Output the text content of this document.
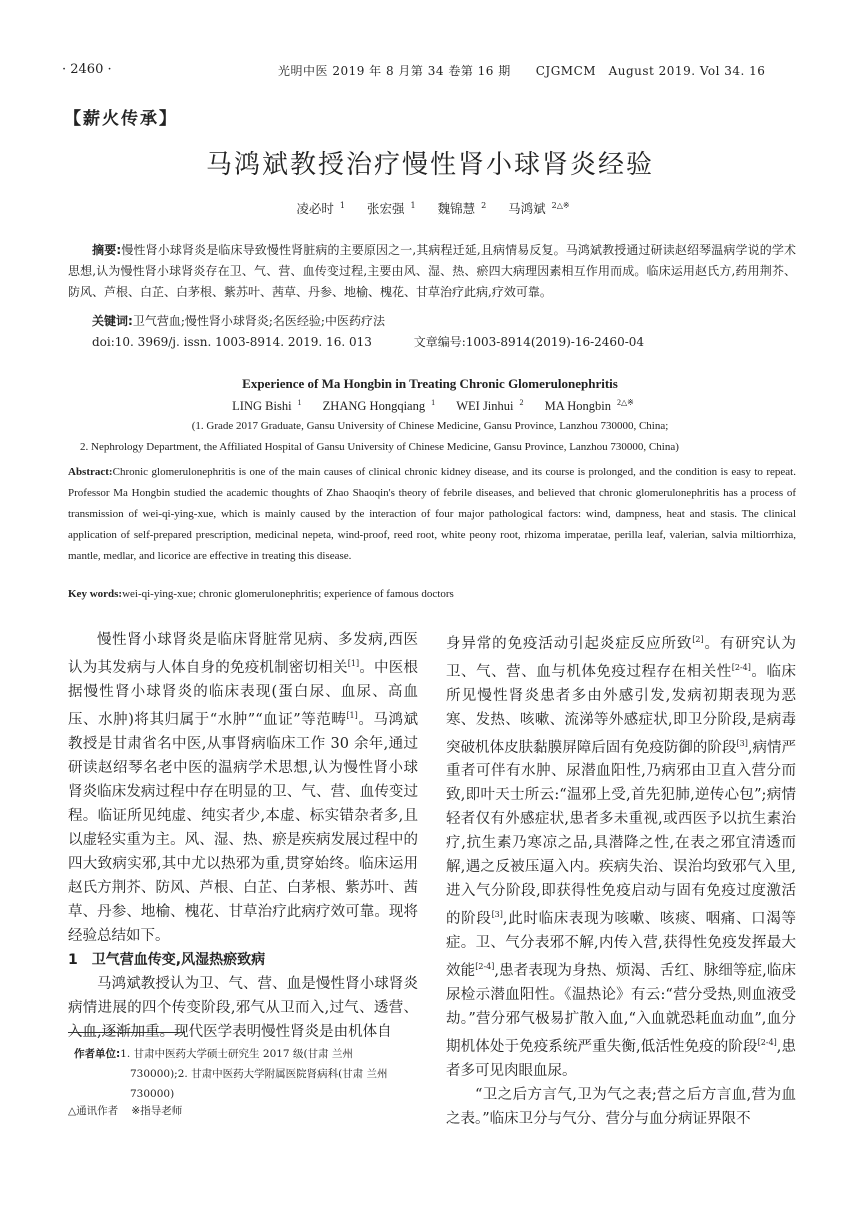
· 2460 ·	光明中医 2019 年 8 月第 34 卷第 16 期　　CJGMCM　August 2019. Vol 34. 16
【薪火传承】
马鸿斌教授治疗慢性肾小球肾炎经验
凌必时 $^1$ 张宏强 $^1$ 魏锦慧 $^2$ 马鸿斌 $^{2\triangle※}$
摘要:慢性肾小球肾炎是临床导致慢性肾脏病的主要原因之一,其病程迁延,且病情易反复。马鸿斌教授通过研读赵绍琴温病学说的学术思想,认为慢性肾小球肾炎存在卫、气、营、血传变过程,主要由风、湿、热、瘀四大病理因素相互作用而成。临床运用赵氏方,药用荆芥、防风、芦根、白芷、白茅根、紫苏叶、茜草、丹参、地榆、槐花、甘草治疗此病,疗效可靠。
关键词:卫气营血;慢性肾小球肾炎;名医经验;中医药疗法
doi:10. 3969/j. issn. 1003-8914. 2019. 16. 013	文章编号:1003-8914(2019)-16-2460-04
Experience of Ma Hongbin in Treating Chronic Glomerulonephritis
LING Bishi $^1$ ZHANG Hongqiang $^1$ WEI Jinhui $^2$ MA Hongbin $^{2\triangle※}$
(1. Grade 2017 Graduate, Gansu University of Chinese Medicine, Gansu Province, Lanzhou 730000, China;
2. Nephrology Department, the Affiliated Hospital of Gansu University of Chinese Medicine, Gansu Province, Lanzhou 730000, China)
Abstract:Chronic glomerulonephritis is one of the main causes of clinical chronic kidney disease, and its course is prolonged, and the condition is easy to repeat. Professor Ma Hongbin studied the academic thoughts of Zhao Shaoqin's theory of febrile diseases, and believed that chronic glomerulonephritis has a process of transmission of wei-qi-ying-xue, which is mainly caused by the interaction of four major pathological factors: wind, dampness, heat and stasis. The clinical application of self-prepared prescription, medicinal nepeta, wind-proof, reed root, white peony root, rhizoma imperatae, perilla leaf, valerian, salvia miltiorrhiza, mantle, medlar, and licorice are effective in treating this disease.
Key words:wei-qi-ying-xue; chronic glomerulonephritis; experience of famous doctors

慢性肾小球肾炎是临床肾脏常见病、多发病,西医认为其发病与人体自身的免疫机制密切相关[1]。中医根据慢性肾小球肾炎的临床表现(蛋白尿、血尿、高血压、水肿)将其归属于“水肿”“血证”等范畴[1]。马鸿斌教授是甘肃省名中医,从事肾病临床工作 30 余年,通过研读赵绍琴名老中医的温病学术思想,认为慢性肾小球肾炎临床发病过程中存在明显的卫、气、营、血传变过程。临证所见纯虚、纯实者少,本虚、标实错杂者多,且以虚轻实重为主。风、湿、热、瘀是疾病发展过程中的四大致病实邪,其中尤以热邪为重,贯穿始终。临床运用赵氏方荆芥、防风、芦根、白芷、白茅根、紫苏叶、茜草、丹参、地榆、槐花、甘草治疗此病疗效可靠。现将经验总结如下。

1 卫气营血传变,风湿热瘀致病

马鸿斌教授认为卫、气、营、血是慢性肾小球肾炎病情进展的四个传变阶段,邪气从卫而入,过气、透营、入血,逐渐加重。现代医学表明慢性肾炎是由机体自

身异常的免疫活动引起炎症反应所致[2]。有研究认为卫、气、营、血与机体免疫过程存在相关性[2-4]。临床所见慢性肾炎患者多由外感引发,发病初期表现为恶寒、发热、咳嗽、流涕等外感症状,即卫分阶段,是病毒突破机体皮肤黏膜屏障后固有免疫防御的阶段[3],病情严重者可伴有水肿、尿潜血阳性,乃病邪由卫直入营分而致,即叶天士所云:“温邪上受,首先犯肺,逆传心包”;病情轻者仅有外感症状,患者多未重视,或西医予以抗生素治疗,抗生素乃寒凉之品,具潜降之性,在表之邪宜清透而解,遇之反被压逼入内。疾病失治、误治均致邪气入里,进入气分阶段,即获得性免疫启动与固有免疫过度激活的阶段[3],此时临床表现为咳嗽、咳痰、咽痛、口渴等症。卫、气分表邪不解,内传入营,获得性免疫发挥最大效能[2-4],患者表现为身热、烦渴、舌红、脉细等症,临床尿检示潜血阳性。《温热论》有云:“营分受热,则血液受劫。”营分邪气极易扩散入血,“入血就恐耗血动血”,血分期机体处于免疫系统严重失衡,低活性免疫的阶段[2-4],患者多可见肉眼血尿。

“卫之后方言气,卫为气之表;营之后方言血,营为血之表。”临床卫分与气分、营分与血分病证界限不

作者单位:1. 甘肃中医药大学硕士研究生 2017 级(甘肃 兰州
730000);2. 甘肃中医药大学附属医院肾病科(甘肃 兰州
730000)
△通讯作者 ※指导老师
